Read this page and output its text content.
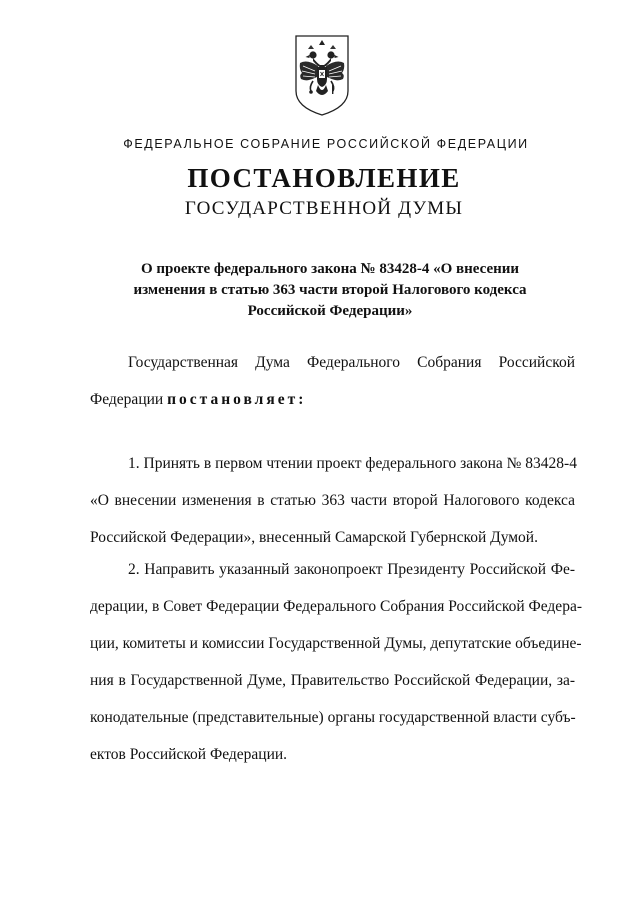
ФЕДЕРАЛЬНОЕ СОБРАНИЕ РОССИЙСКОЙ ФЕДЕРАЦИИ
ПОСТАНОВЛЕНИЕ
ГОСУДАРСТВЕННОЙ ДУМЫ
О проекте федерального закона № 83428-4 «О внесении
изменения в статью 363 части второй Налогового кодекса
Российской Федерации»
Государственная Дума Федерального Собрания Российской
Федерации постановляет:
1. Принять в первом чтении проект федерального закона № 83428-4
«О внесении изменения в статью 363 части второй Налогового кодекса
Российской Федерации», внесенный Самарской Губернской Думой.
2. Направить указанный законопроект Президенту Российской Фе-
дерации, в Совет Федерации Федерального Собрания Российской Федера-
ции, комитеты и комиссии Государственной Думы, депутатские объедине-
ния в Государственной Думе, Правительство Российской Федерации, за-
конодательные (представительные) органы государственной власти субъ-
ектов Российской Федерации.
